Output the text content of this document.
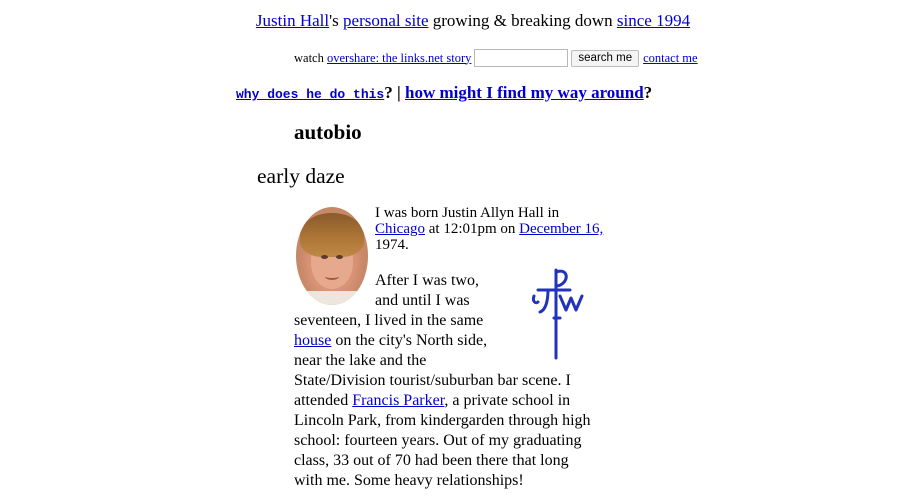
Justin Hall's personal site growing & breaking down since 1994
watch
overshare: the links.net story	search me contact me
why does he do this? | how might I find my way around?
autobio
early daze

I was born Justin Allyn Hall in
Chicago at 12:01pm on December 16,
1974.

After I was two,

and until I was

seventeen, I lived in the same

house on the city's North side,

near the lake and the

State/Division tourist/suburban bar scene. I

attended Francis Parker, a private school in

Lincoln Park, from kindergarden through high

school: fourteen years. Out of my graduating

class, 33 out of 70 had been there that long

with me. Some heavy relationships!
